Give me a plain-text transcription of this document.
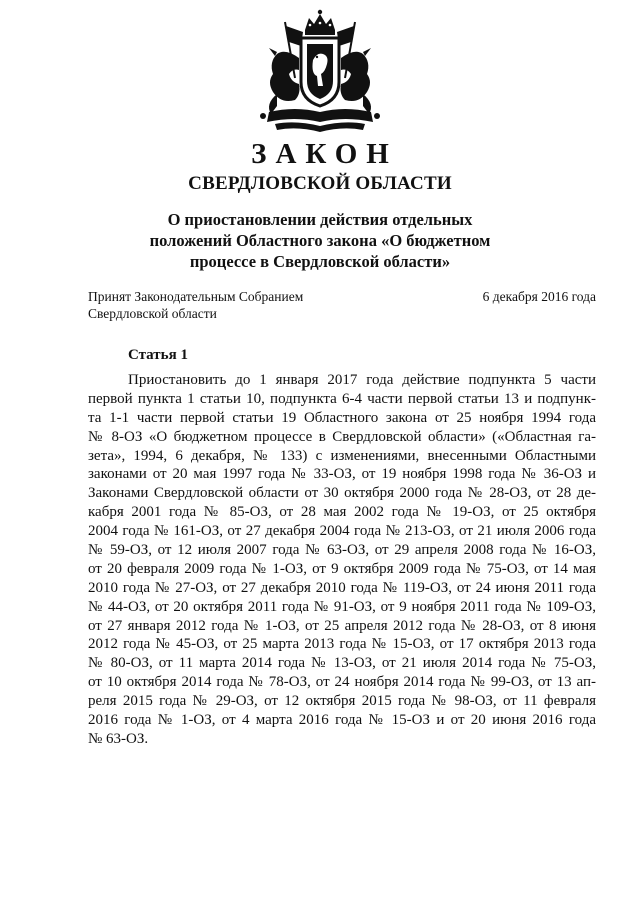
ЗАКОН
СВЕРДЛОВСКОЙ ОБЛАСТИ
О приостановлении действия отдельных
положений Областного закона «О бюджетном
процессе в Свердловской области»
Принят Законодательным Собранием
Свердловской области
6 декабря 2016 года
Статья 1
Приостановить до 1 января 2017 года действие подпункта 5 части
первой пункта 1 статьи 10, подпункта 6-4 части первой статьи 13 и подпунк-
та 1-1 части первой статьи 19 Областного закона от 25 ноября 1994 года
№ 8-ОЗ «О бюджетном процессе в Свердловской области» («Областная га-
зета», 1994, 6 декабря, № 133) с изменениями, внесенными Областными
законами от 20 мая 1997 года № 33-ОЗ, от 19 ноября 1998 года № 36-ОЗ и
Законами Свердловской области от 30 октября 2000 года № 28-ОЗ, от 28 де-
кабря 2001 года № 85-ОЗ, от 28 мая 2002 года № 19-ОЗ, от 25 октября
2004 года № 161-ОЗ, от 27 декабря 2004 года № 213-ОЗ, от 21 июля 2006 года
№ 59-ОЗ, от 12 июля 2007 года № 63-ОЗ, от 29 апреля 2008 года № 16-ОЗ,
от 20 февраля 2009 года № 1-ОЗ, от 9 октября 2009 года № 75-ОЗ, от 14 мая
2010 года № 27-ОЗ, от 27 декабря 2010 года № 119-ОЗ, от 24 июня 2011 года
№ 44-ОЗ, от 20 октября 2011 года № 91-ОЗ, от 9 ноября 2011 года № 109-ОЗ,
от 27 января 2012 года № 1-ОЗ, от 25 апреля 2012 года № 28-ОЗ, от 8 июня
2012 года № 45-ОЗ, от 25 марта 2013 года № 15-ОЗ, от 17 октября 2013 года
№ 80-ОЗ, от 11 марта 2014 года № 13-ОЗ, от 21 июля 2014 года № 75-ОЗ,
от 10 октября 2014 года № 78-ОЗ, от 24 ноября 2014 года № 99-ОЗ, от 13 ап-
реля 2015 года № 29-ОЗ, от 12 октября 2015 года № 98-ОЗ, от 11 февраля
2016 года № 1-ОЗ, от 4 марта 2016 года № 15-ОЗ и от 20 июня 2016 года
№ 63-ОЗ.
